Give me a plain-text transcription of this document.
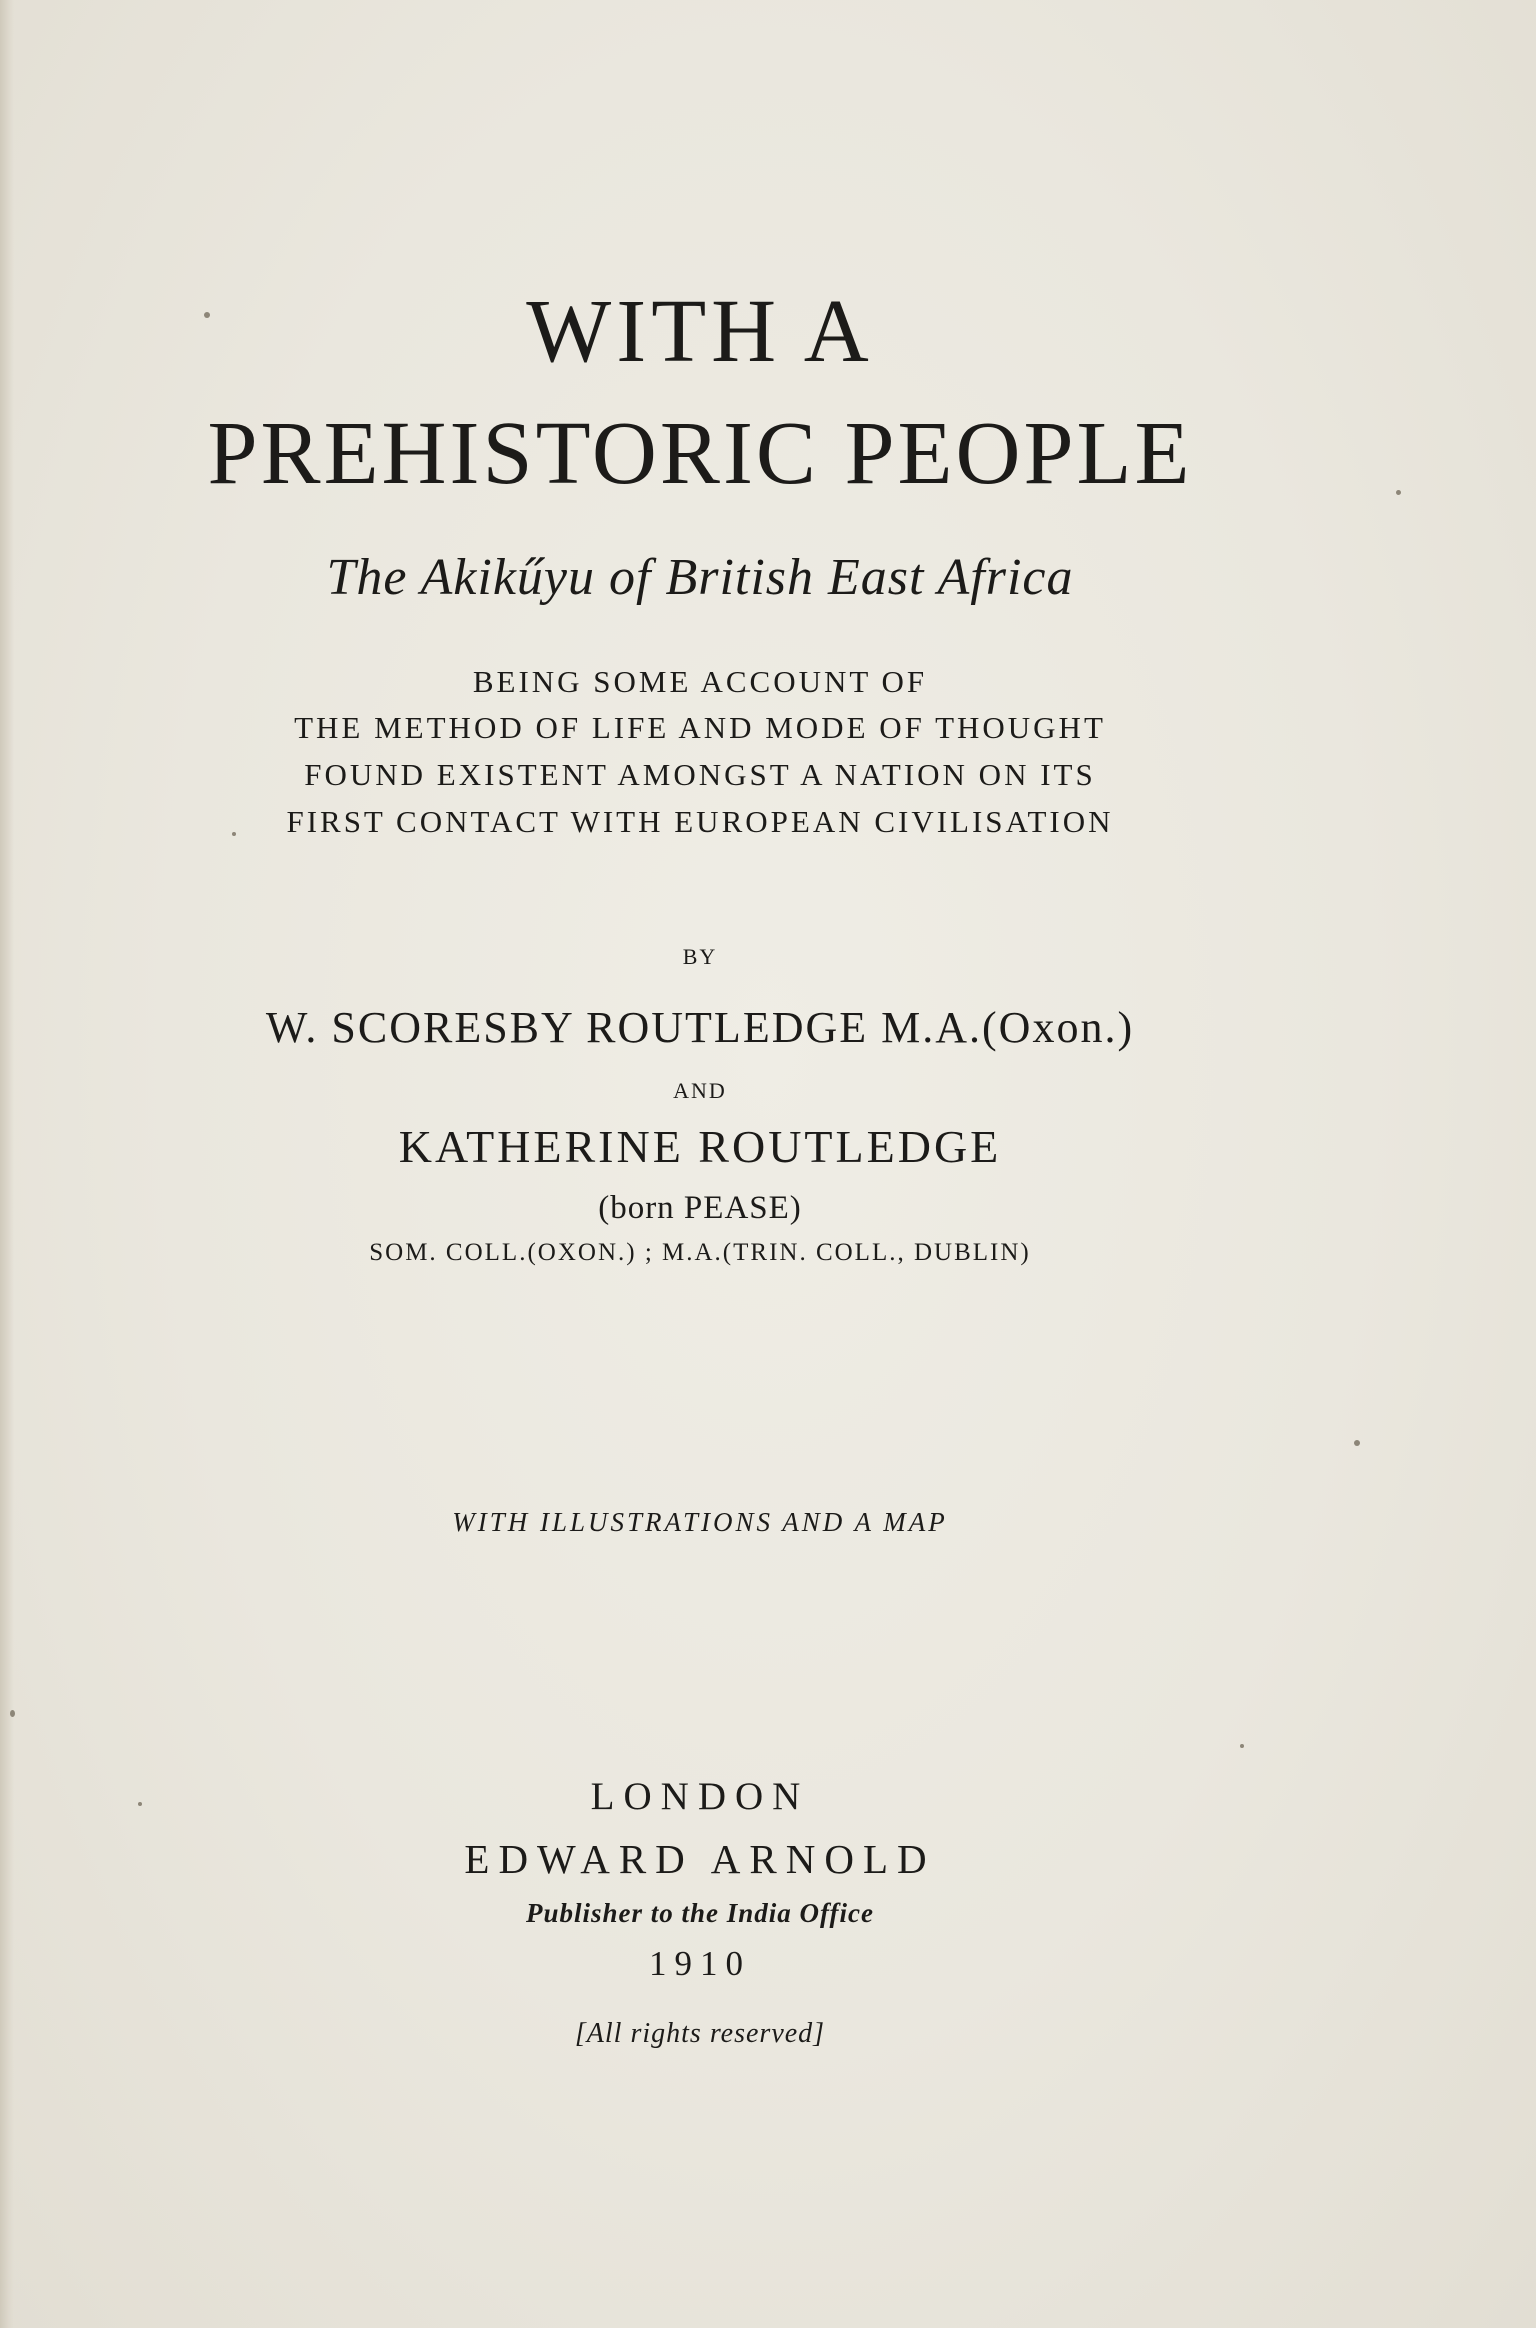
WITH A
PREHISTORIC PEOPLE
The Akikűyu of British East Africa
BEING SOME ACCOUNT OF
THE METHOD OF LIFE AND MODE OF THOUGHT
FOUND EXISTENT AMONGST A NATION ON ITS
FIRST CONTACT WITH EUROPEAN CIVILISATION
BY
W. SCORESBY ROUTLEDGE M.A.(Oxon.)
AND
KATHERINE ROUTLEDGE
(born PEASE)
SOM. COLL.(OXON.) ; M.A.(TRIN. COLL., DUBLIN)
WITH ILLUSTRATIONS AND A MAP
LONDON
EDWARD ARNOLD
Publisher to the India Office
1910
[All rights reserved]
